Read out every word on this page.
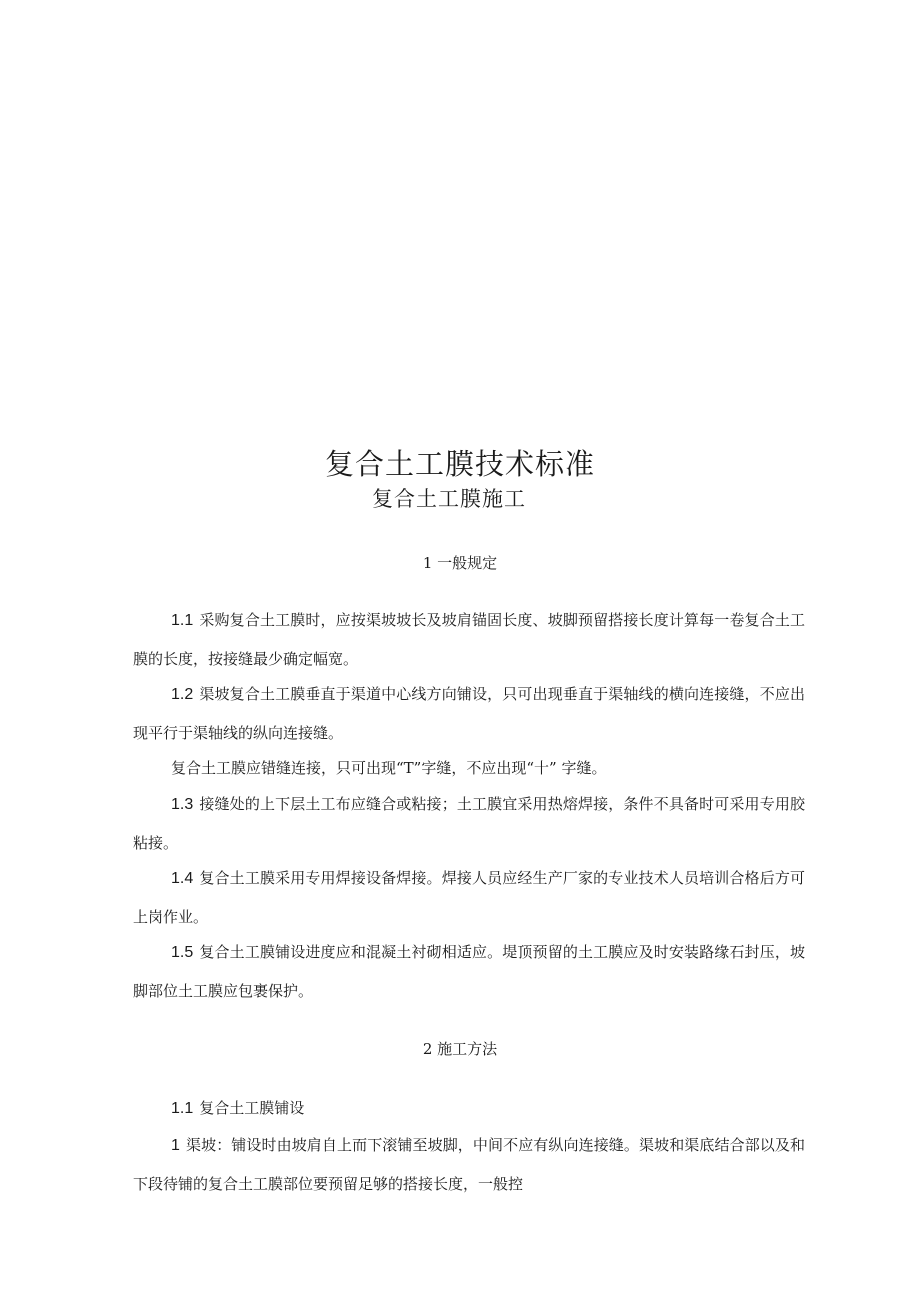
复合土工膜技术标准
复合土工膜施工
1 一般规定

1.1 采购复合土工膜时，应按渠坡坡长及坡肩锚固长度、坡脚预留搭接长度计算每一卷复合土工膜的长度，按接缝最少确定幅宽。

1.2 渠坡复合土工膜垂直于渠道中心线方向铺设，只可出现垂直于渠轴线的横向连接缝，不应出现平行于渠轴线的纵向连接缝。

复合土工膜应错缝连接，只可出现“T”字缝，不应出现“十” 字缝。

1.3 接缝处的上下层土工布应缝合或粘接；土工膜宜采用热熔焊接，条件不具备时可采用专用胶粘接。

1.4 复合土工膜采用专用焊接设备焊接。焊接人员应经生产厂家的专业技术人员培训合格后方可上岗作业。

1.5 复合土工膜铺设进度应和混凝土衬砌相适应。堤顶预留的土工膜应及时安装路缘石封压，坡脚部位土工膜应包裹保护。

2 施工方法

1.1 复合土工膜铺设

1 渠坡：铺设时由坡肩自上而下滚铺至坡脚，中间不应有纵向连接缝。渠坡和渠底结合部以及和下段待铺的复合土工膜部位要预留足够的搭接长度，一般控
